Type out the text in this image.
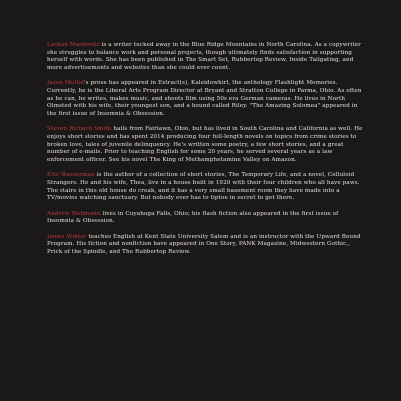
Laskan Markovitz is a writer tucked away in the Blue Ridge Mountains in North Carolina. As a copywriter she struggles to balance work and personal projects, though ultimately finds satisfaction in supporting herself with words. She has been published in The Smart Set, Rubbertop Review, Inside Tailgating, and more advertisements and websites than she could ever count.

Jason Mullin's prose has appeared in Extract(s), Kaleidowhirl, the anthology Flashlight Memories. Currently, he is the Liberal Arts Program Director at Bryant and Stratton College in Parma, Ohio. As often as he can, he writes, makes music, and shoots film using 50s era German cameras. He lives in North Olmsted with his wife, their youngest son, and a hound called Riley. "The Amazing Solomea" appeared in the first issue of Insomnia & Obsession.

Steven Richard Smith hails from Fairlawn, Ohio, but has lived in South Carolina and California as well. He enjoys short stories and has spent 2014 producing four full-length novels on topics from crime stories to broken love, tales of juvenile delinquency. He's written some poetry, a few short stories, and a great number of e-mails. Prior to teaching English for some 20 years, he served several years as a law enforcement officer. See his novel The King of Methamphetamine Valley on Amazon.

Eric Wasserman is the author of a collection of short stories, The Temporary Life, and a novel, Celluloid Strangers. He and his wife, Thea, live in a house built in 1920 with their four children who all have paws. The stairs in this old house do creak, and it has a very small basement room they have made into a TV/movies watching sanctuary. But nobody ever has to tiptoe in secret to get there.

Andrew Wehmann lives in Cuyahoga Falls, Ohio; his flash fiction also appeared in the first issue of Insomnia & Obsession.

James Winter teaches English at Kent State University Salem and is an instructor with the Upward Bound Program. His fiction and nonfiction have appeared in One Story, PANK Magazine, Midwestern Gothic,, Prick of the Spindle, and The Rubbertop Review.
